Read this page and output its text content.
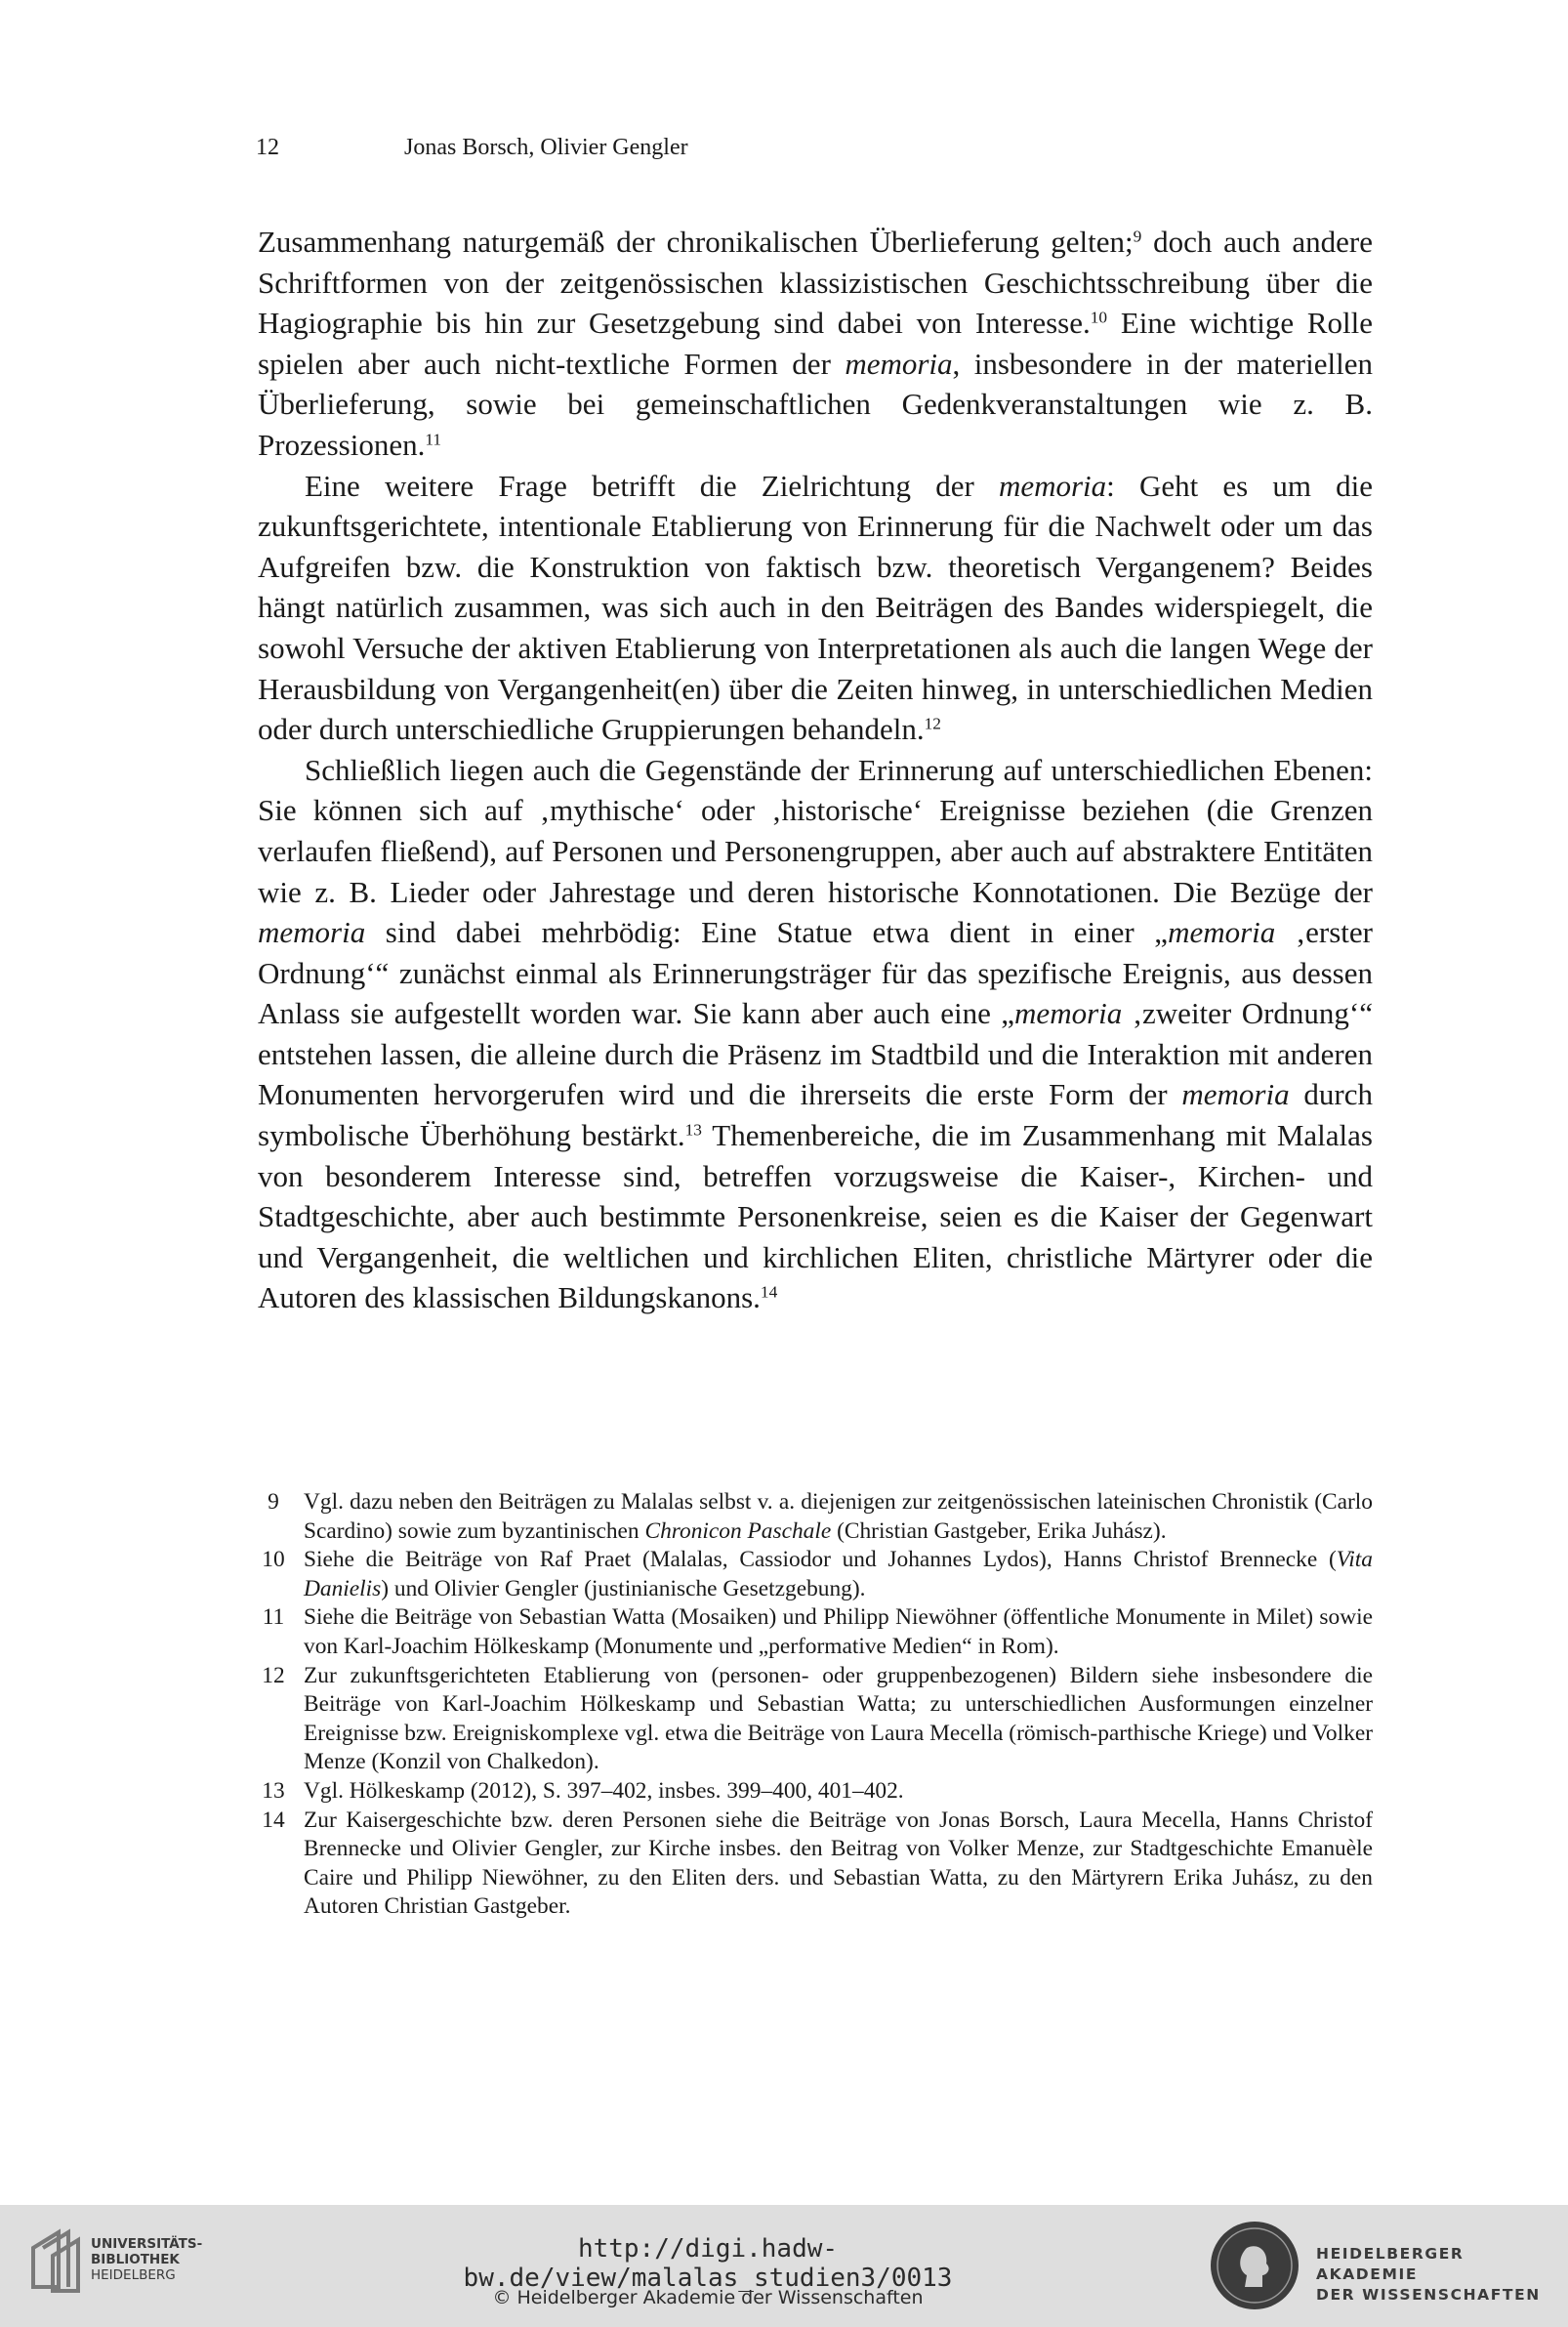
12	Jonas Borsch, Olivier Gengler

Zusammenhang naturgemäß der chronikalischen Überlieferung gelten;$^9$ doch auch andere Schriftformen von der zeitgenössischen klassizistischen Geschichtsschreibung über die Hagiographie bis hin zur Gesetzgebung sind dabei von Interesse.$^{10}$ Eine wichtige Rolle spielen aber auch nicht-textliche Formen der memoria, insbesondere in der materiellen Überlieferung, sowie bei gemeinschaftlichen Gedenkveranstaltungen wie z. B. Prozessionen.$^{11}$

Eine weitere Frage betrifft die Zielrichtung der memoria: Geht es um die zukunftsgerichtete, intentionale Etablierung von Erinnerung für die Nachwelt oder um das Aufgreifen bzw. die Konstruktion von faktisch bzw. theoretisch Vergangenem? Beides hängt natürlich zusammen, was sich auch in den Beiträgen des Bandes widerspiegelt, die sowohl Versuche der aktiven Etablierung von Interpretationen als auch die langen Wege der Herausbildung von Vergangenheit(en) über die Zeiten hinweg, in unterschiedlichen Medien oder durch unterschiedliche Gruppierungen behandeln.$^{12}$

Schließlich liegen auch die Gegenstände der Erinnerung auf unterschiedlichen Ebenen: Sie können sich auf ‚mythische‘ oder ‚historische‘ Ereignisse beziehen (die Grenzen verlaufen fließend), auf Personen und Personengruppen, aber auch auf abstraktere Entitäten wie z. B. Lieder oder Jahrestage und deren historische Konnotationen. Die Bezüge der memoria sind dabei mehrbödig: Eine Statue etwa dient in einer „memoria ‚erster Ordnung‘“ zunächst einmal als Erinnerungsträger für das spezifische Ereignis, aus dessen Anlass sie aufgestellt worden war. Sie kann aber auch eine „memoria ‚zweiter Ordnung‘“ entstehen lassen, die alleine durch die Präsenz im Stadtbild und die Interaktion mit anderen Monumenten hervorgerufen wird und die ihrerseits die erste Form der memoria durch symbolische Überhöhung bestärkt.$^{13}$ Themenbereiche, die im Zusammenhang mit Malalas von besonderem Interesse sind, betreffen vorzugsweise die Kaiser-, Kirchen- und Stadtgeschichte, aber auch bestimmte Personenkreise, seien es die Kaiser der Gegenwart und Vergangenheit, die weltlichen und kirchlichen Eliten, christliche Märtyrer oder die Autoren des klassischen Bildungskanons.$^{14}$

9	Vgl. dazu neben den Beiträgen zu Malalas selbst v. a. diejenigen zur zeitgenössischen lateinischen Chronistik (Carlo Scardino) sowie zum byzantinischen Chronicon Paschale (Christian Gastgeber, Erika Juhász).
10 Siehe die Beiträge von Raf Praet (Malalas, Cassiodor und Johannes Lydos), Hanns Christof Brennecke (Vita Danielis) und Olivier Gengler (justinianische Gesetzgebung).
11 Siehe die Beiträge von Sebastian Watta (Mosaiken) und Philipp Niewöhner (öffentliche Monumente in Milet) sowie von Karl-Joachim Hölkeskamp (Monumente und „performative Medien“ in Rom).
12 Zur zukunftsgerichteten Etablierung von (personen- oder gruppenbezogenen) Bildern siehe insbesondere die Beiträge von Karl-Joachim Hölkeskamp und Sebastian Watta; zu unterschiedlichen Ausformungen einzelner Ereignisse bzw. Ereigniskomplexe vgl. etwa die Beiträge von Laura Mecella (römisch-parthische Kriege) und Volker Menze (Konzil von Chalkedon).
13 Vgl. Hölkeskamp (2012), S. 397–402, insbes. 399–400, 401–402.
14 Zur Kaisergeschichte bzw. deren Personen siehe die Beiträge von Jonas Borsch, Laura Mecella, Hanns Christof Brennecke und Olivier Gengler, zur Kirche insbes. den Beitrag von Volker Menze, zur Stadtgeschichte Emanuèle Caire und Philipp Niewöhner, zu den Eliten ders. und Sebastian Watta, zu den Märtyrern Erika Juhász, zu den Autoren Christian Gastgeber.
UNIVERSITÄTS-
BIBLIOTHEK
HEIDELBERG
http://digi.hadw-bw.de/view/malalas_studien3/0013
© Heidelberger Akademie der Wissenschaften
HEIDELBERGER AKADEMIE
DER WISSENSCHAFTEN
